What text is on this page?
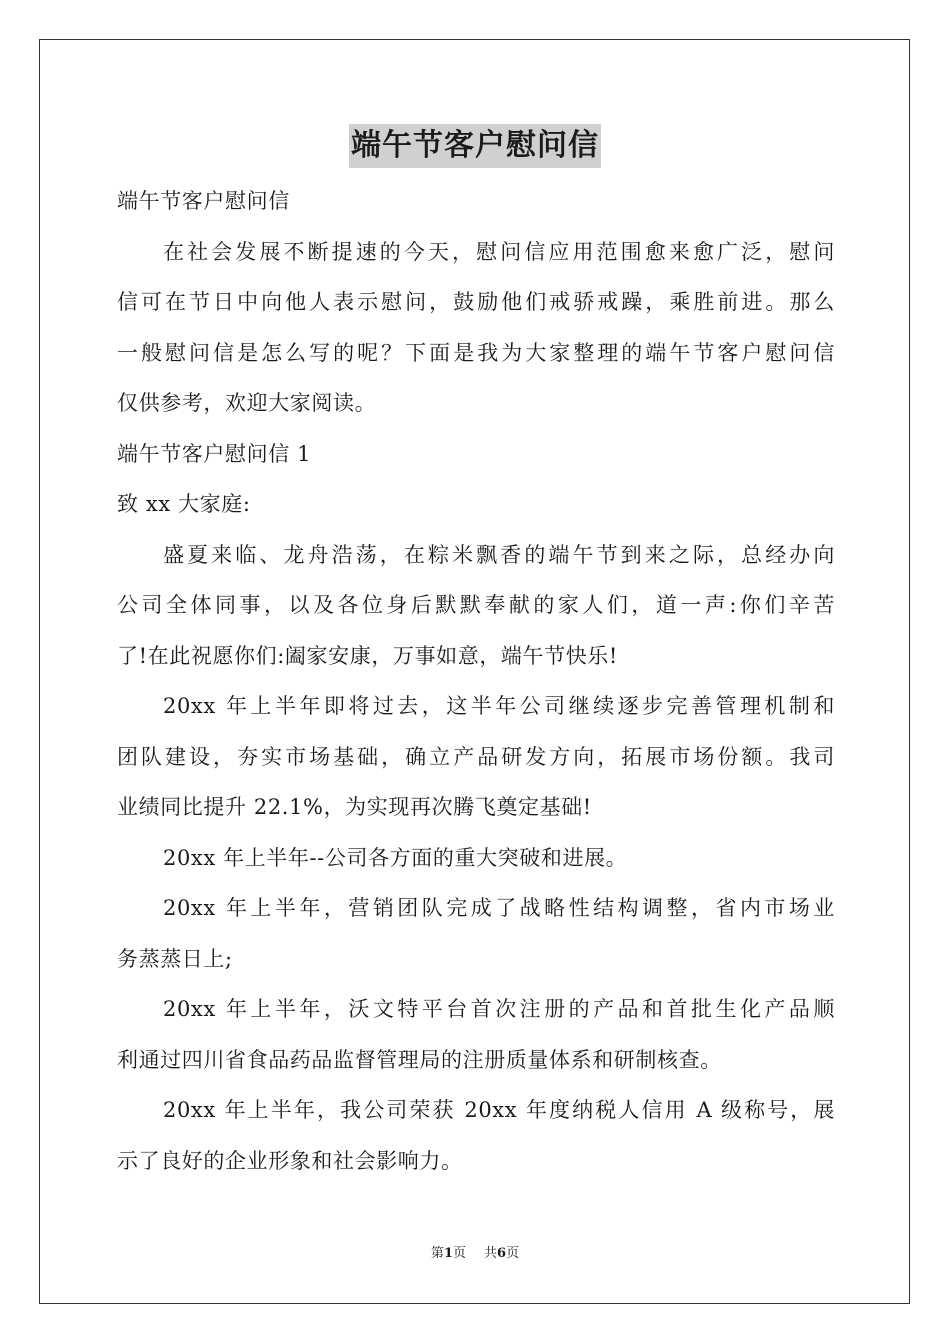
端午节客户慰问信
端午节客户慰问信
在社会发展不断提速的今天，慰问信应用范围愈来愈广泛，慰问
信可在节日中向他人表示慰问，鼓励他们戒骄戒躁，乘胜前进。那么
一般慰问信是怎么写的呢？下面是我为大家整理的端午节客户慰问信
仅供参考，欢迎大家阅读。
端午节客户慰问信 1
致 xx 大家庭:
盛夏来临、龙舟浩荡，在粽米飘香的端午节到来之际，总经办向
公司全体同事，以及各位身后默默奉献的家人们，道一声:你们辛苦
了!在此祝愿你们:阖家安康，万事如意，端午节快乐!
20xx 年上半年即将过去，这半年公司继续逐步完善管理机制和
团队建设，夯实市场基础，确立产品研发方向，拓展市场份额。我司
业绩同比提升 22.1%，为实现再次腾飞奠定基础!
20xx 年上半年--公司各方面的重大突破和进展。
20xx 年上半年，营销团队完成了战略性结构调整，省内市场业
务蒸蒸日上;
20xx 年上半年，沃文特平台首次注册的产品和首批生化产品顺
利通过四川省食品药品监督管理局的注册质量体系和研制核查。
20xx 年上半年，我公司荣获 20xx 年度纳税人信用 A 级称号，展
示了良好的企业形象和社会影响力。
第1页 共6页
